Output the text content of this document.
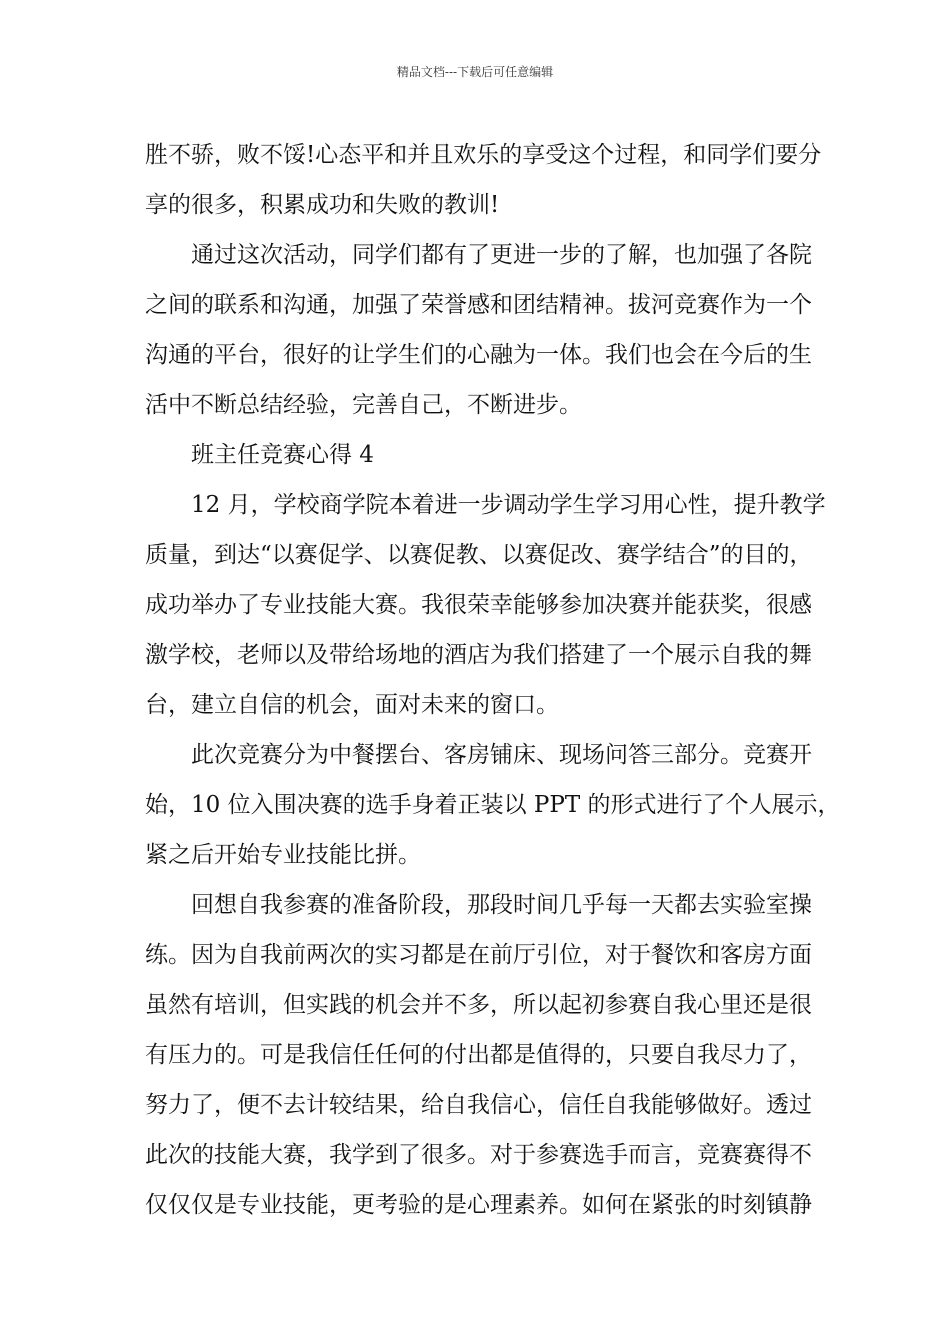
精品文档---下载后可任意编辑
胜不骄，败不馁!心态平和并且欢乐的享受这个过程，和同学们要分
享的很多，积累成功和失败的教训!
通过这次活动，同学们都有了更进一步的了解，也加强了各院
之间的联系和沟通，加强了荣誉感和团结精神。拔河竞赛作为一个
沟通的平台，很好的让学生们的心融为一体。我们也会在今后的生
活中不断总结经验，完善自己，不断进步。
班主任竞赛心得 4
12 月，学校商学院本着进一步调动学生学习用心性，提升教学
质量，到达“以赛促学、以赛促教、以赛促改、赛学结合”的目的，
成功举办了专业技能大赛。我很荣幸能够参加决赛并能获奖，很感
激学校，老师以及带给场地的酒店为我们搭建了一个展示自我的舞
台，建立自信的机会，面对未来的窗口。
此次竞赛分为中餐摆台、客房铺床、现场问答三部分。竞赛开
始，10 位入围决赛的选手身着正装以 PPT 的形式进行了个人展示，
紧之后开始专业技能比拼。
回想自我参赛的准备阶段，那段时间几乎每一天都去实验室操
练。因为自我前两次的实习都是在前厅引位，对于餐饮和客房方面
虽然有培训，但实践的机会并不多，所以起初参赛自我心里还是很
有压力的。可是我信任任何的付出都是值得的，只要自我尽力了，
努力了，便不去计较结果，给自我信心，信任自我能够做好。透过
此次的技能大赛，我学到了很多。对于参赛选手而言，竞赛赛得不
仅仅仅是专业技能，更考验的是心理素养。如何在紧张的时刻镇静
